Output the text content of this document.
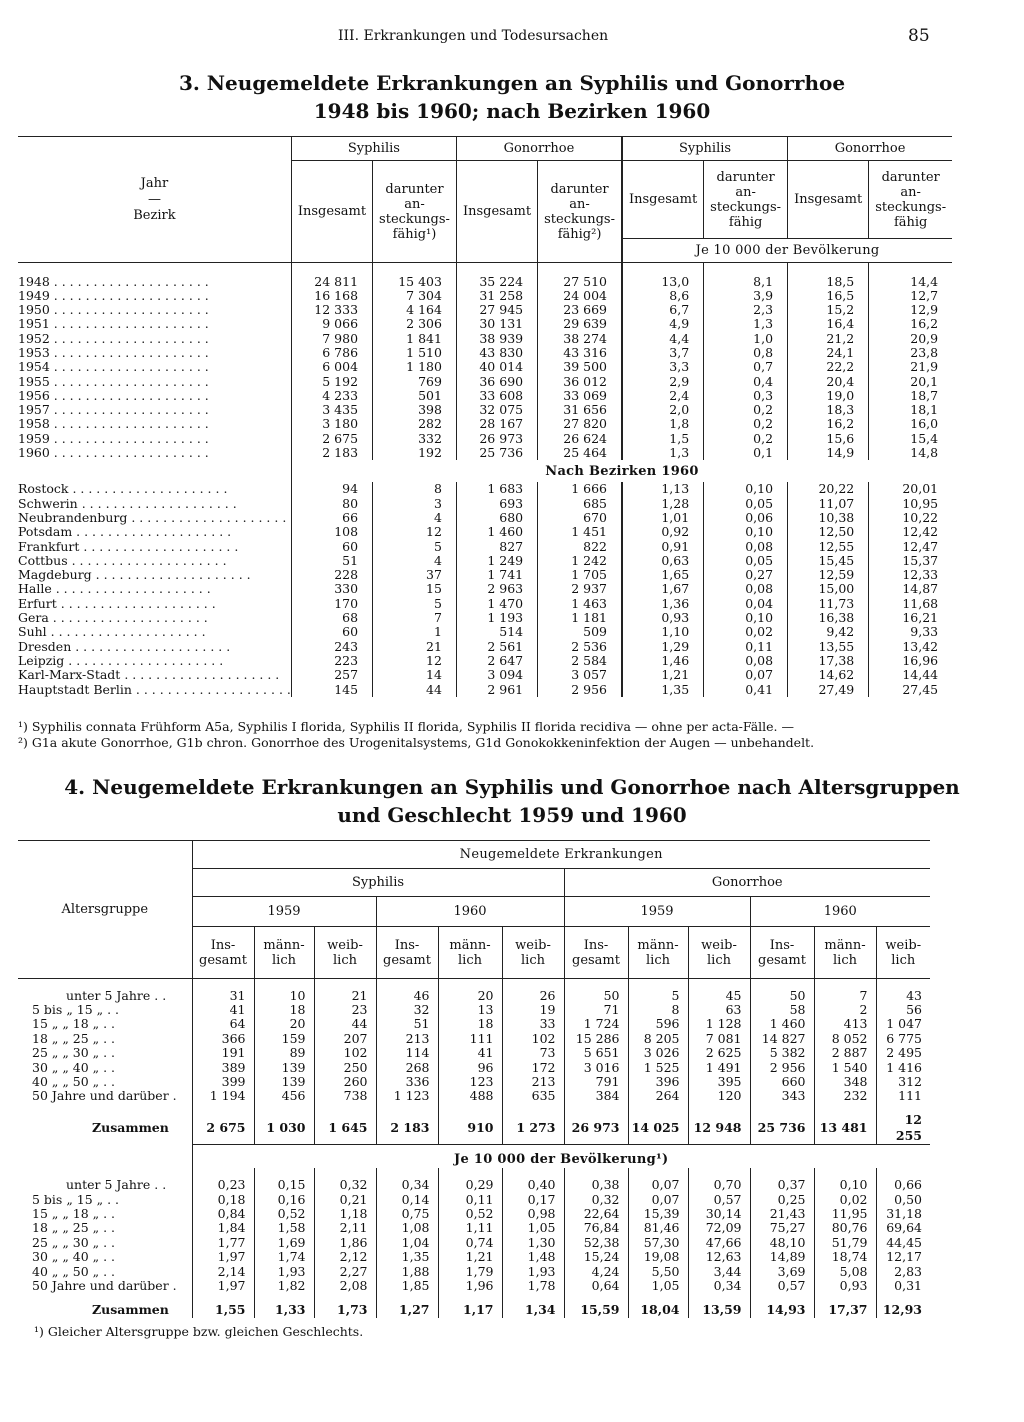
III. Erkrankungen und Todesursachen	85
3. Neugemeldete Erkrankungen an Syphilis und Gonorrhoe
1948 bis 1960; nach Bezirken 1960
Jahr
—
Bezirk	Syphilis		Gonorrhoe		Syphilis		Gonorrhoe	
	Insgesamt	darunter an-steckungs-fähig¹)	Insgesamt	darunter an-steckungs-fähig²)	Insgesamt	darunter an-steckungs-fähig	Insgesamt	darunter an-steckungs-fähig
					Je 10 000 der Bevölkerung			

1948 . . . . . . . . . . . . . . . . . . . .	24 811	15 403	35 224	27 510	13,0	8,1	18,5	14,4
1949 . . . . . . . . . . . . . . . . . . . .	16 168	7 304	31 258	24 004	8,6	3,9	16,5	12,7
1950 . . . . . . . . . . . . . . . . . . . .	12 333	4 164	27 945	23 669	6,7	2,3	15,2	12,9
1951 . . . . . . . . . . . . . . . . . . . .	9 066	2 306	30 131	29 639	4,9	1,3	16,4	16,2
1952 . . . . . . . . . . . . . . . . . . . .	7 980	1 841	38 939	38 274	4,4	1,0	21,2	20,9
1953 . . . . . . . . . . . . . . . . . . . .	6 786	1 510	43 830	43 316	3,7	0,8	24,1	23,8
1954 . . . . . . . . . . . . . . . . . . . .	6 004	1 180	40 014	39 500	3,3	0,7	22,2	21,9
1955 . . . . . . . . . . . . . . . . . . . .	5 192	769	36 690	36 012	2,9	0,4	20,4	20,1
1956 . . . . . . . . . . . . . . . . . . . .	4 233	501	33 608	33 069	2,4	0,3	19,0	18,7
1957 . . . . . . . . . . . . . . . . . . . .	3 435	398	32 075	31 656	2,0	0,2	18,3	18,1
1958 . . . . . . . . . . . . . . . . . . . .	3 180	282	28 167	27 820	1,8	0,2	16,2	16,0
1959 . . . . . . . . . . . . . . . . . . . .	2 675	332	26 973	26 624	1,5	0,2	15,6	15,4
1960 . . . . . . . . . . . . . . . . . . . .	2 183	192	25 736	25 464	1,3	0,1	14,9	14,8
	Nach Bezirken 1960							
Rostock . . . . . . . . . . . . . . . . . . . .	94	8	1 683	1 666	1,13	0,10	20,22	20,01
Schwerin . . . . . . . . . . . . . . . . . . . .	80	3	693	685	1,28	0,05	11,07	10,95
Neubrandenburg . . . . . . . . . . . . . . . . . . . .	66	4	680	670	1,01	0,06	10,38	10,22
Potsdam . . . . . . . . . . . . . . . . . . . .	108	12	1 460	1 451	0,92	0,10	12,50	12,42
Frankfurt . . . . . . . . . . . . . . . . . . . .	60	5	827	822	0,91	0,08	12,55	12,47
Cottbus . . . . . . . . . . . . . . . . . . . .	51	4	1 249	1 242	0,63	0,05	15,45	15,37
Magdeburg . . . . . . . . . . . . . . . . . . . .	228	37	1 741	1 705	1,65	0,27	12,59	12,33
Halle . . . . . . . . . . . . . . . . . . . .	330	15	2 963	2 937	1,67	0,08	15,00	14,87
Erfurt . . . . . . . . . . . . . . . . . . . .	170	5	1 470	1 463	1,36	0,04	11,73	11,68
Gera . . . . . . . . . . . . . . . . . . . .	68	7	1 193	1 181	0,93	0,10	16,38	16,21
Suhl . . . . . . . . . . . . . . . . . . . .	60	1	514	509	1,10	0,02	9,42	9,33
Dresden . . . . . . . . . . . . . . . . . . . .	243	21	2 561	2 536	1,29	0,11	13,55	13,42
Leipzig . . . . . . . . . . . . . . . . . . . .	223	12	2 647	2 584	1,46	0,08	17,38	16,96
Karl-Marx-Stadt . . . . . . . . . . . . . . . . . . . .	257	14	3 094	3 057	1,21	0,07	14,62	14,44
Hauptstadt Berlin . . . . . . . . . . . . . . . . . . . .	145	44	2 961	2 956	1,35	0,41	27,49	27,45
¹) Syphilis connata Frühform A5a, Syphilis I florida, Syphilis II florida, Syphilis II florida recidiva — ohne per acta-Fälle. —
²) G1a akute Gonorrhoe, G1b chron. Gonorrhoe des Urogenitalsystems, G1d Gonokokkeninfektion der Augen — unbehandelt.
4. Neugemeldete Erkrankungen an Syphilis und Gonorrhoe nach Altersgruppen
und Geschlecht 1959 und 1960
Altersgruppe	Neugemeldete Erkrankungen											
	Syphilis						Gonorrhoe					
	1959			1960			1959			1960		
	Ins-gesamt	männ-lich	weib-lich	Ins-gesamt	männ-lich	weib-lich	Ins-gesamt	männ-lich	weib-lich	Ins-gesamt	männ-lich	weib-lich

unter 5 Jahre . .	31	10	21	46	20	26	50	5	45	50	7	43
5 bis „ 15 „ . .	41	18	23	32	13	19	71	8	63	58	2	56
15 „ „ 18 „ . .	64	20	44	51	18	33	1 724	596	1 128	1 460	413	1 047
18 „ „ 25 „ . .	366	159	207	213	111	102	15 286	8 205	7 081	14 827	8 052	6 775
25 „ „ 30 „ . .	191	89	102	114	41	73	5 651	3 026	2 625	5 382	2 887	2 495
30 „ „ 40 „ . .	389	139	250	268	96	172	3 016	1 525	1 491	2 956	1 540	1 416
40 „ „ 50 „ . .	399	139	260	336	123	213	791	396	395	660	348	312
50 Jahre und darüber .	1 194	456	738	1 123	488	635	384	264	120	343	232	111

Zusammen	2 675	1 030	1 645	2 183	910	1 273	26 973	14 025	12 948	25 736	13 481	12 255
	Je 10 000 der Bevölkerung¹)											

unter 5 Jahre . .	0,23	0,15	0,32	0,34	0,29	0,40	0,38	0,07	0,70	0,37	0,10	0,66
5 bis „ 15 „ . .	0,18	0,16	0,21	0,14	0,11	0,17	0,32	0,07	0,57	0,25	0,02	0,50
15 „ „ 18 „ . .	0,84	0,52	1,18	0,75	0,52	0,98	22,64	15,39	30,14	21,43	11,95	31,18
18 „ „ 25 „ . .	1,84	1,58	2,11	1,08	1,11	1,05	76,84	81,46	72,09	75,27	80,76	69,64
25 „ „ 30 „ . .	1,77	1,69	1,86	1,04	0,74	1,30	52,38	57,30	47,66	48,10	51,79	44,45
30 „ „ 40 „ . .	1,97	1,74	2,12	1,35	1,21	1,48	15,24	19,08	12,63	14,89	18,74	12,17
40 „ „ 50 „ . .	2,14	1,93	2,27	1,88	1,79	1,93	4,24	5,50	3,44	3,69	5,08	2,83
50 Jahre und darüber .	1,97	1,82	2,08	1,85	1,96	1,78	0,64	1,05	0,34	0,57	0,93	0,31

Zusammen	1,55	1,33	1,73	1,27	1,17	1,34	15,59	18,04	13,59	14,93	17,37	12,93
¹) Gleicher Altersgruppe bzw. gleichen Geschlechts.
